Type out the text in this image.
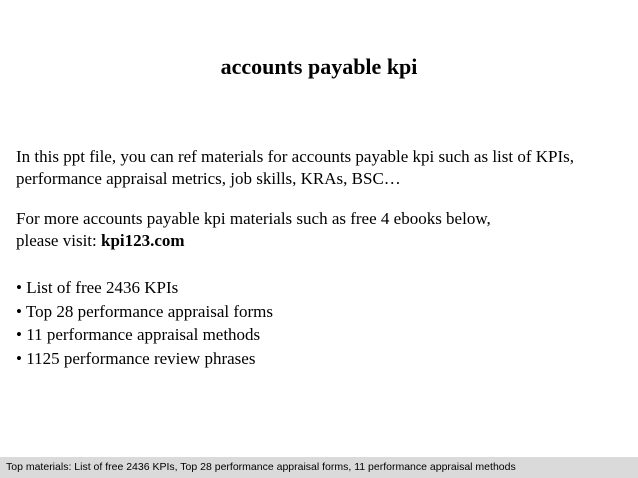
accounts payable kpi
In this ppt file, you can ref materials for accounts payable kpi such as list of KPIs,
performance appraisal metrics, job skills, KRAs, BSC…
For more accounts payable kpi materials such as free 4 ebooks below,
please visit: kpi123.com
• List of free 2436 KPIs
• Top 28 performance appraisal forms
• 11 performance appraisal methods
• 1125 performance review phrases
Top materials: List of free 2436 KPIs, Top 28 performance appraisal forms, 11 performance appraisal methods
